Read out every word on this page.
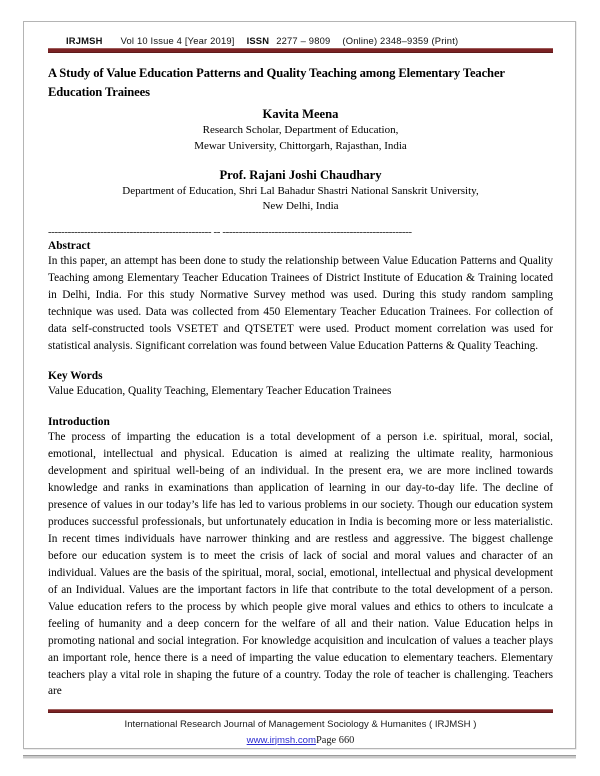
IRJMSH Vol 10 Issue 4 [Year 2019] ISSN 2277 – 9809 (Online) 2348–9359 (Print)
A Study of Value Education Patterns and Quality Teaching among Elementary Teacher Education Trainees
Kavita Meena
Research Scholar, Department of Education,
Mewar University, Chittorgarh, Rajasthan, India
Prof. Rajani Joshi Chaudhary
Department of Education, Shri Lal Bahadur Shastri National Sanskrit University,
New Delhi, India
-------------------------------------------------- -- ----------------------------------------------------------
Abstract

In this paper, an attempt has been done to study the relationship between Value Education Patterns and Quality Teaching among Elementary Teacher Education Trainees of District Institute of Education & Training located in Delhi, India. For this study Normative Survey method was used. During this study random sampling technique was used. Data was collected from 450 Elementary Teacher Education Trainees. For collection of data self-constructed tools VSETET and QTSETET were used. Product moment correlation was used for statistical analysis. Significant correlation was found between Value Education Patterns & Quality Teaching.

Key Words

Value Education, Quality Teaching, Elementary Teacher Education Trainees

Introduction

The process of imparting the education is a total development of a person i.e. spiritual, moral, social, emotional, intellectual and physical. Education is aimed at realizing the ultimate reality, harmonious development and spiritual well-being of an individual. In the present era, we are more inclined towards knowledge and ranks in examinations than application of learning in our day-to-day life. The decline of presence of values in our today’s life has led to various problems in our society. Though our education system produces successful professionals, but unfortunately education in India is becoming more or less materialistic. In recent times individuals have narrower thinking and are restless and aggressive. The biggest challenge before our education system is to meet the crisis of lack of social and moral values and character of an individual. Values are the basis of the spiritual, moral, social, emotional, intellectual and physical development of an Individual. Values are the important factors in life that contribute to the total development of a person. Value education refers to the process by which people give moral values and ethics to others to inculcate a feeling of humanity and a deep concern for the welfare of all and their nation. Value Education helps in promoting national and social integration. For knowledge acquisition and inculcation of values a teacher plays an important role, hence there is a need of imparting the value education to elementary teachers. Elementary teachers play a vital role in shaping the future of a country. Today the role of teacher is challenging. Teachers are

International Research Journal of Management Sociology & Humanites ( IRJMSH )
www.irjmsh.comPage 660
